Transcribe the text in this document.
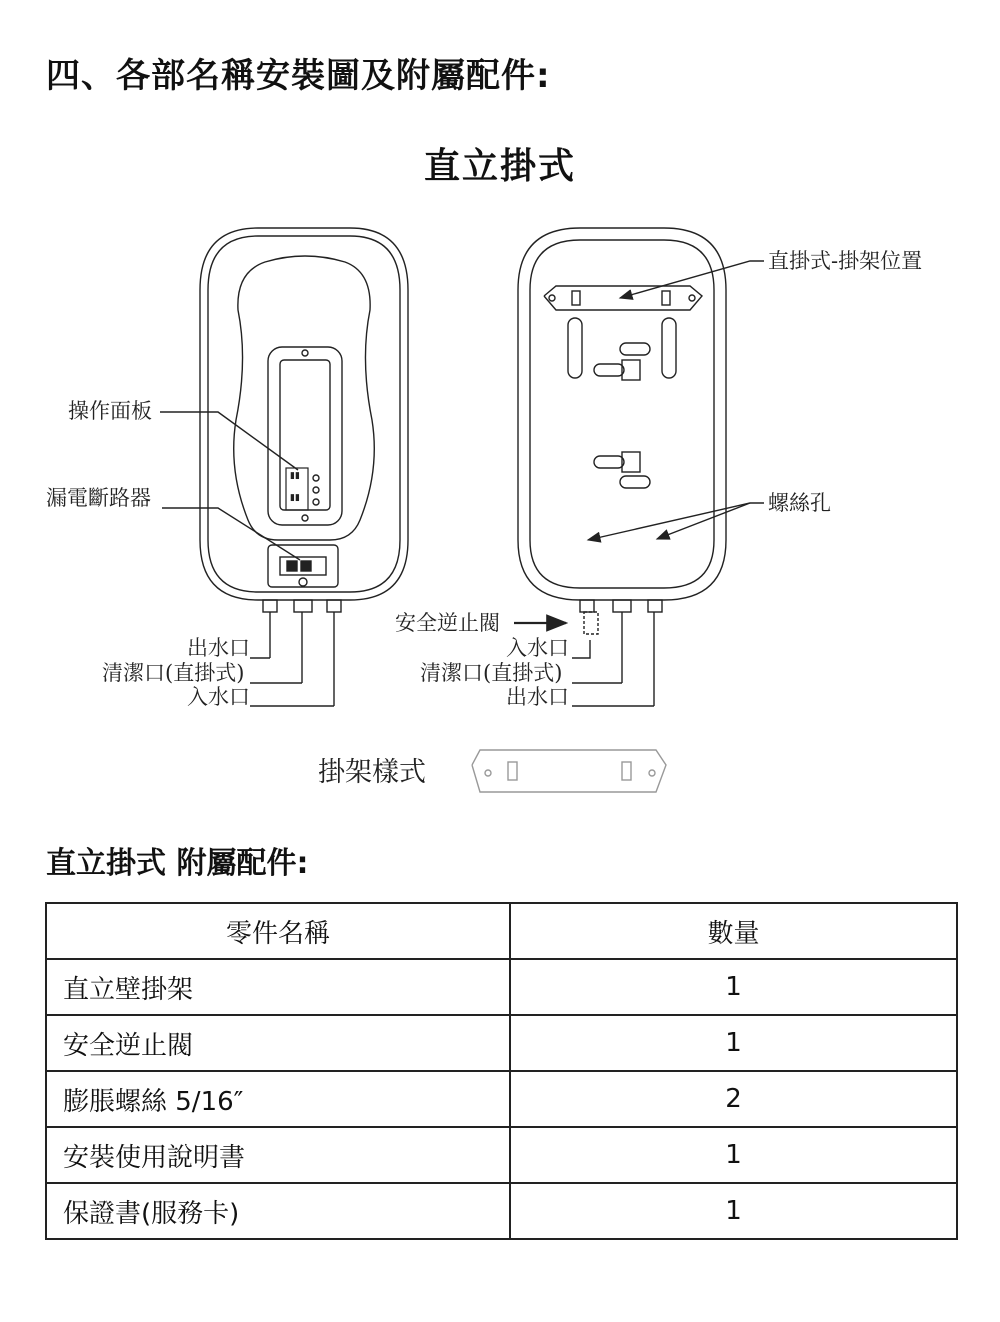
四、各部名稱安裝圖及附屬配件:
直立掛式
▮▮
▮▮
操作面板
漏電斷路器
出水口
清潔口(直掛式)
入水口
直掛式-掛架位置
螺絲孔
安全逆止閥
入水口
清潔口(直掛式)
出水口
掛架樣式
直立掛式 附屬配件:
零件名稱	數量
直立壁掛架	1
安全逆止閥	1
膨脹螺絲 5/16″	2
安裝使用說明書	1
保證書(服務卡)	1
